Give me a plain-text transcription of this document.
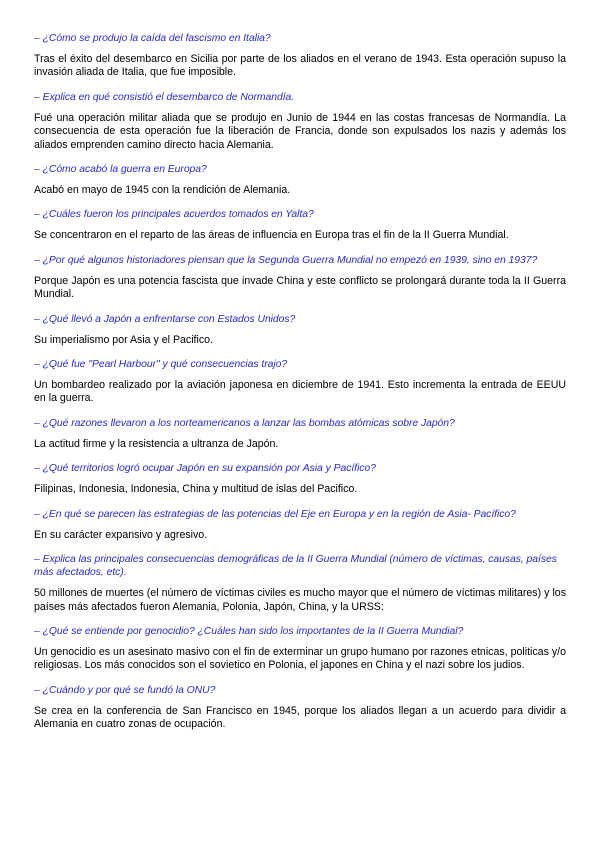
– ¿Cómo se produjo la caída del fascismo en Italia?

Tras el éxito del desembarco en Sicilia por parte de los aliados en el verano de 1943. Esta operación supuso la invasión aliada de Italia, que fue imposible.

– Explica en qué consistió el desembarco de Normandía.

Fué una operación militar aliada que se produjo en Junio de 1944 en las costas francesas de Normandía. La consecuencia de esta operación fue la liberación de Francia, donde son expulsados los nazis y además los aliados emprenden camino directo hacia Alemania.

– ¿Cómo acabó la guerra en Europa?

Acabó en mayo de 1945 con la rendición de Alemania.

– ¿Cuáles fueron los principales acuerdos tomados en Yalta?

Se concentraron en el reparto de las áreas de influencia en Europa tras el fin de la II Guerra Mundial.

– ¿Por qué algunos historiadores piensan que la Segunda Guerra Mundial no empezó en 1939, sino en 1937?

Porque Japón es una potencia fascista que invade China y este conflicto se prolongará durante toda la II Guerra Mundial.

– ¿Qué llevó a Japón a enfrentarse con Estados Unidos?

Su imperialismo por Asia y el Pacifico.

– ¿Qué fue "Pearl Harbour" y qué consecuencias trajo?

Un bombardeo realizado por la aviación japonesa en diciembre de 1941. Esto incrementa la entrada de EEUU en la guerra.

– ¿Qué razones llevaron a los norteamericanos a lanzar las bombas atómicas sobre Japón?

La actitud firme y la resistencia a ultranza de Japón.

– ¿Qué territorios logró ocupar Japón en su expansión por Asia y Pacífico?

Filipinas, Indonesia, Indonesia, China y multitud de islas del Pacifico.

– ¿En qué se parecen las estrategias de las potencias del Eje en Europa y en la región de Asia- Pacífico?

En su carácter expansivo y agresivo.

– Explica las principales consecuencias demográficas de la II Guerra Mundial (número de víctimas, causas, países más afectados, etc).

50 millones de muertes (el número de víctimas civiles es mucho mayor que el número de víctimas militares) y los países más afectados fueron Alemania, Polonia, Japón, China, y la URSS:

– ¿Qué se entiende por genocidio? ¿Cuáles han sido los importantes de la II Guerra Mundial?

Un genocidio es un asesinato masivo con el fin de exterminar un grupo humano por razones etnicas, politicas y/o religiosas. Los más conocidos son el sovietico en Polonia, el japones en China y el nazi sobre los judios.

– ¿Cuándo y por qué se fundó la ONU?

Se crea en la conferencia de San Francisco en 1945, porque los aliados llegan a un acuerdo para dividir a Alemania en cuatro zonas de ocupación.
